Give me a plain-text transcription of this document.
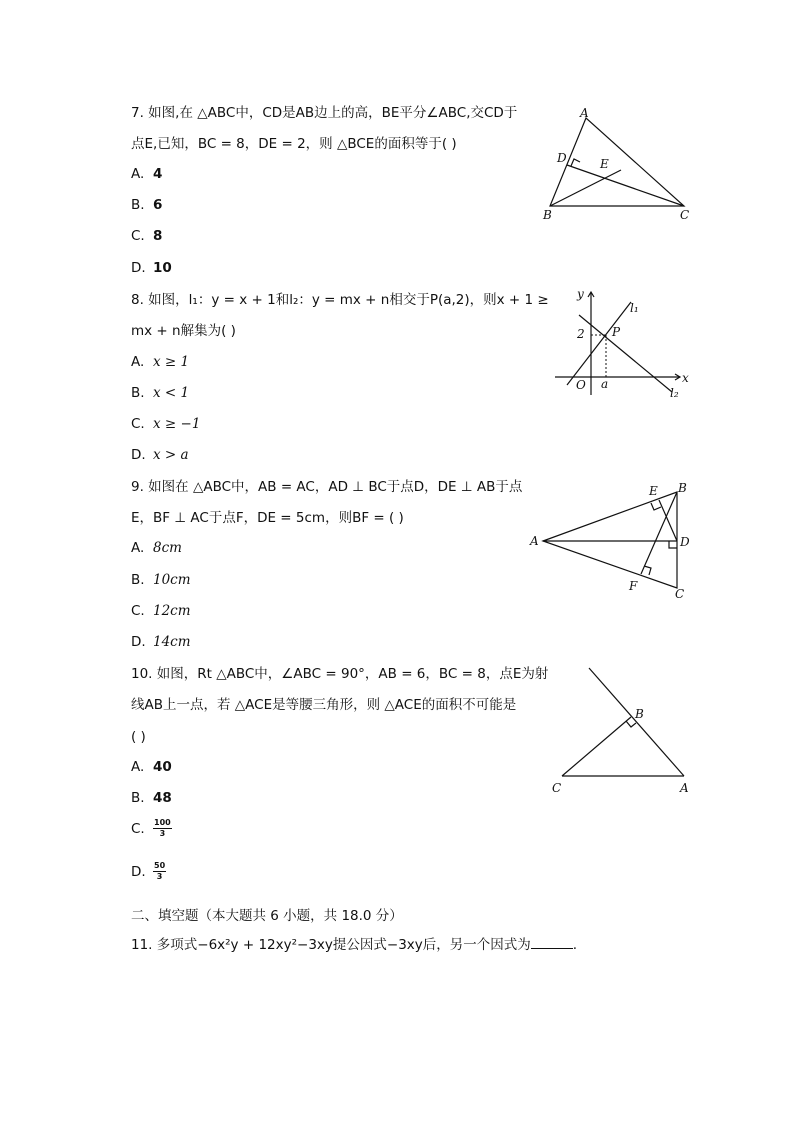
7. 如图,在 △ABC中，CD是AB边上的高，BE平分∠ABC,交CD于
点E,已知，BC = 8，DE = 2，则 △BCE的面积等于( )
A. 4
B. 6
C. 8
D. 10
A
D	E
B	C
8. 如图，l₁：y = x + 1和l₂：y = mx + n相交于P(a,2)，则x + 1 ≥
mx + n解集为( )
A. x ≥ 1
B. x < 1
C. x ≥ −1
D. x > a
y
x
O
2
a
P
l₁
l₂
9. 如图在 △ABC中，AB = AC，AD ⊥ BC于点D，DE ⊥ AB于点
E，BF ⊥ AC于点F，DE = 5cm，则BF = ( )
A. 8cm
B. 10cm
C. 12cm
D. 14cm
A
E B
D
F
C
10. 如图，Rt △ABC中，∠ABC = 90°，AB = 6，BC = 8，点E为射
线AB上一点，若 △ACE是等腰三角形，则 △ACE的面积不可能是
( )
A. 40
B. 48
C. $\frac{100}{3}$
D. $\frac{50}{3}$
B
C	A
二、填空题（本大题共 6 小题，共 18.0 分）
11. 多项式−6x²y + 12xy²−3xy提公因式−3xy后，另一个因式为	.
